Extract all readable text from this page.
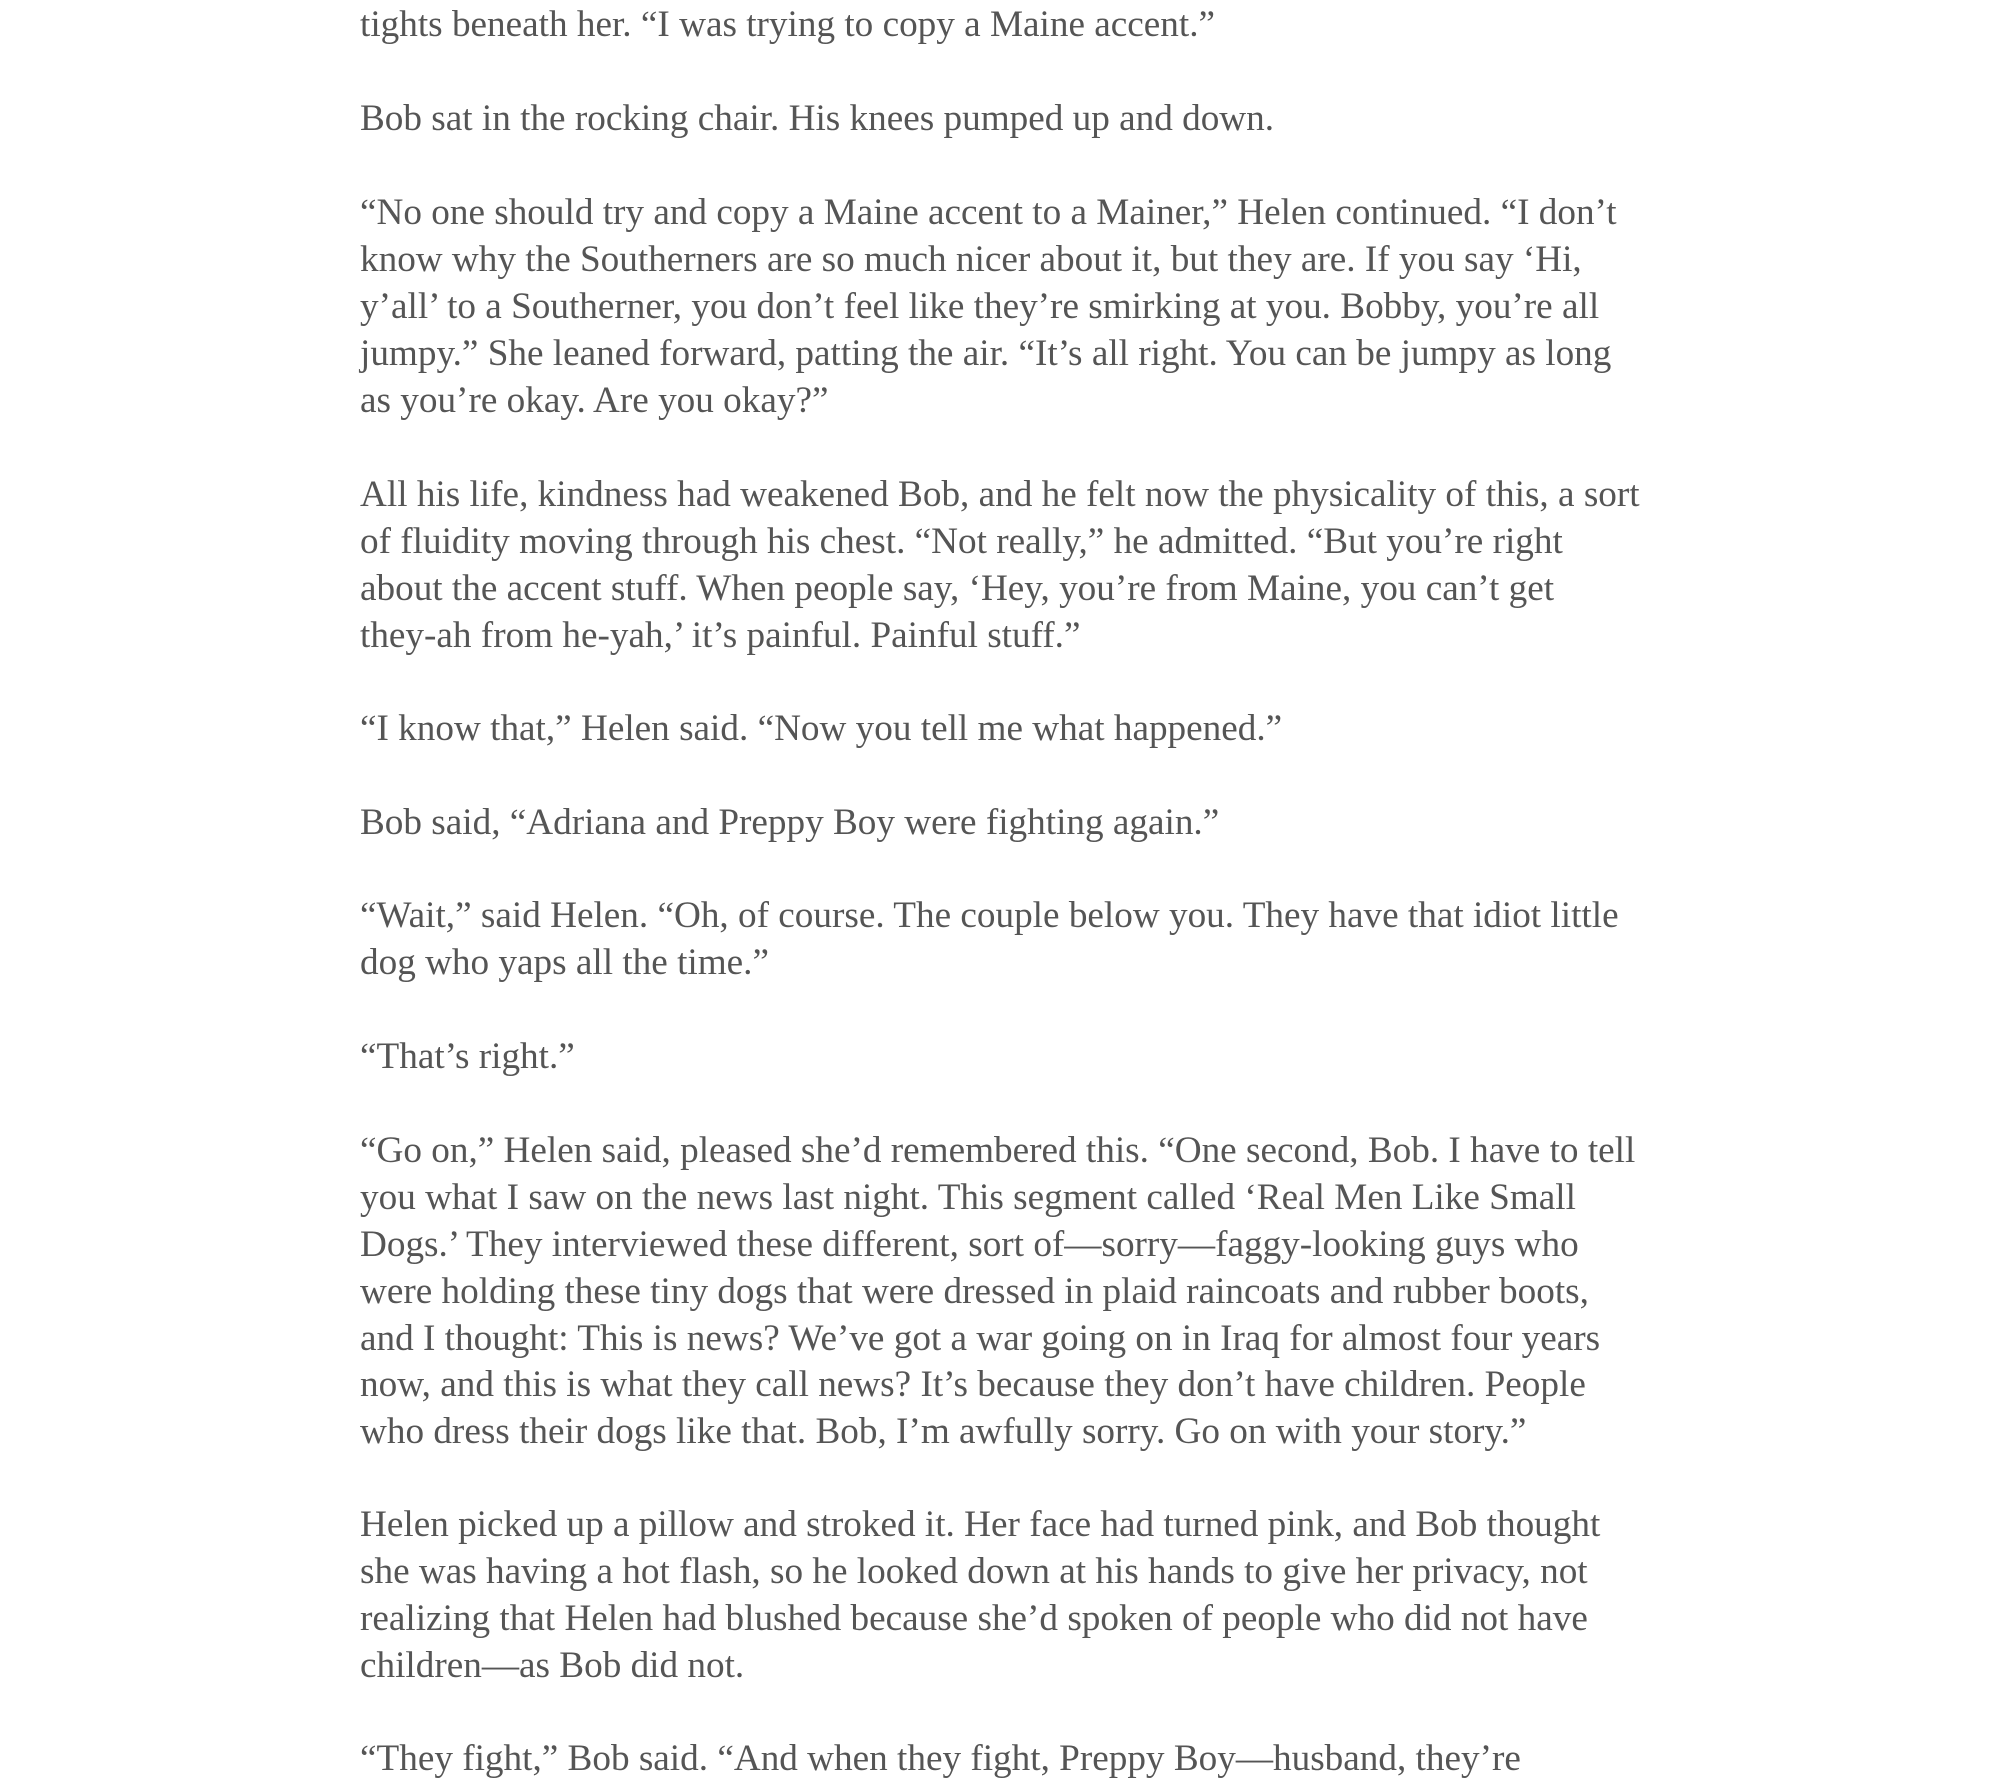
tights beneath her. “I was trying to copy a Maine accent.”

Bob sat in the rocking chair. His knees pumped up and down.

“No one should try and copy a Maine accent to a Mainer,” Helen continued. “I don’t
know why the Southerners are so much nicer about it, but they are. If you say ‘Hi,
y’all’ to a Southerner, you don’t feel like they’re smirking at you. Bobby, you’re all
jumpy.” She leaned forward, patting the air. “It’s all right. You can be jumpy as long
as you’re okay. Are you okay?”

All his life, kindness had weakened Bob, and he felt now the physicality of this, a sort
of fluidity moving through his chest. “Not really,” he admitted. “But you’re right
about the accent stuff. When people say, ‘Hey, you’re from Maine, you can’t get
they-ah from he-yah,’ it’s painful. Painful stuff.”

“I know that,” Helen said. “Now you tell me what happened.”

Bob said, “Adriana and Preppy Boy were fighting again.”

“Wait,” said Helen. “Oh, of course. The couple below you. They have that idiot little
dog who yaps all the time.”

“That’s right.”

“Go on,” Helen said, pleased she’d remembered this. “One second, Bob. I have to tell
you what I saw on the news last night. This segment called ‘Real Men Like Small
Dogs.’ They interviewed these different, sort of—sorry—faggy-looking guys who
were holding these tiny dogs that were dressed in plaid raincoats and rubber boots,
and I thought: This is news? We’ve got a war going on in Iraq for almost four years
now, and this is what they call news? It’s because they don’t have children. People
who dress their dogs like that. Bob, I’m awfully sorry. Go on with your story.”

Helen picked up a pillow and stroked it. Her face had turned pink, and Bob thought
she was having a hot flash, so he looked down at his hands to give her privacy, not
realizing that Helen had blushed because she’d spoken of people who did not have
children—as Bob did not.

“They fight,” Bob said. “And when they fight, Preppy Boy—husband, they’re
